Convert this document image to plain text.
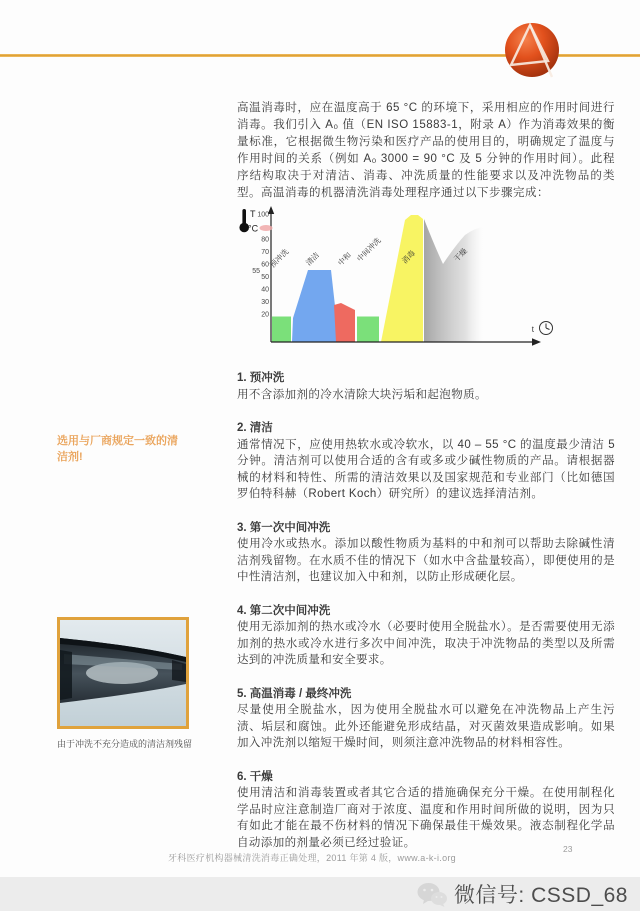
高温消毒时，应在温度高于 65 °C 的环境下，采用相应的作用时间进行消毒。我们引入 A₀ 值（EN ISO 15883-1，附录 A）作为消毒效果的衡量标准，它根据微生物污染和医疗产品的使用目的，明确规定了温度与作用时间的关系（例如 A₀ 3000 = 90 °C 及 5 分钟的作用时间）。此程序结构取决于对清洁、消毒、冲洗质量的性能要求以及冲洗物品的类型。高温消毒的机器清洗消毒处理程序通过以下步骤完成：

T
°C
100
80
70
60
55
50
40
30
20
预冲洗 清洁 中和 中间冲洗 消毒	干燥
t
1. 预冲洗
用不含添加剂的冷水清除大块污垢和起泡物质。
2. 清洁
通常情况下，应使用热软水或冷软水，以 40 – 55 °C 的温度最少清洁 5 分钟。清洁剂可以使用合适的含有或多或少碱性物质的产品。请根据器械的材料和特性、所需的清洁效果以及国家规范和专业部门（比如德国罗伯特科赫（Robert Koch）研究所）的建议选择清洁剂。
3. 第一次中间冲洗
使用冷水或热水。添加以酸性物质为基料的中和剂可以帮助去除碱性清洁剂残留物。在水质不佳的情况下（如水中含盐量较高），即便使用的是中性清洁剂，也建议加入中和剂，以防止形成硬化层。
4. 第二次中间冲洗
使用无添加剂的热水或冷水（必要时使用全脱盐水）。是否需要使用无添加剂的热水或冷水进行多次中间冲洗，取决于冲洗物品的类型以及所需达到的冲洗质量和安全要求。
5. 高温消毒 / 最终冲洗
尽量使用全脱盐水，因为使用全脱盐水可以避免在冲洗物品上产生污渍、垢层和腐蚀。此外还能避免形成结晶，对灭菌效果造成影响。如果加入冲洗剂以缩短干燥时间，则须注意冲洗物品的材料相容性。
6. 干燥
使用清洁和消毒装置或者其它合适的措施确保充分干燥。在使用制程化学品时应注意制造厂商对于浓度、温度和作用时间所做的说明，因为只有如此才能在最不伤材料的情况下确保最佳干燥效果。液态制程化学品自动添加的剂量必须已经过验证。
选用与厂商规定一致的清洁剂!
由于冲洗不充分造成的清洁剂残留
牙科医疗机构器械清洗消毒正确处理，2011 年第 4 版，www.a-k-i.org
23
微信号: CSSD_68
